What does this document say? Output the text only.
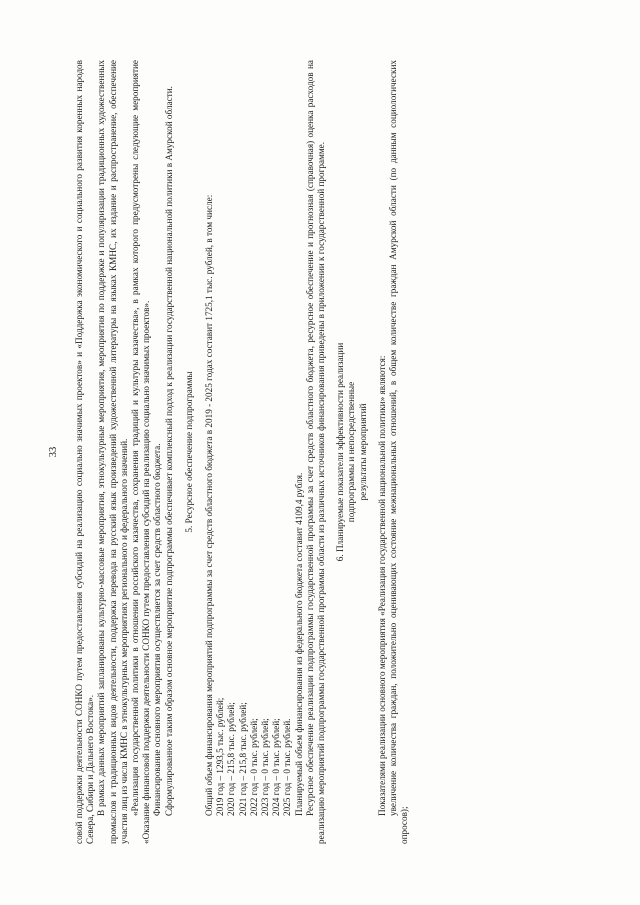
33 совой поддержки деятельности СОНКО путем предоставления субсидий на реализацию социально значимых проектов» и «Поддержка экономического и социального развития коренных народов Севера, Сибири и Дальнего Востока». В рамках данных мероприятий запланированы культурно-массовые мероприятия, этнокультурные мероприятия, мероприятия по поддержке и популяризации традиционных художественных промыслов и традиционных видов деятельности, поддержка перевода на русский язык произведений художественной литературы на языках КМНС, их издание и распространение, обеспечение участия лиц из числа КМНС в этнокультурных мероприятиях регионального и федерального значений. «Реализация государственной политики в отношении российского казачества, сохранения традиций и культуры казачества», в рамках которого предусмотрены следующие мероприятие «Оказание финансовой поддержки деятельности СОНКО путем предоставления субсидий на реализацию социально значимых проектов». Финансирование основного мероприятия осуществляется за счет средств областного бюджета. Сформулированное таким образом основное мероприятие подпрограммы обеспечивает комплексный подход к реализации государственной национальной политики в Амурской области. 5. Ресурсное обеспечение подпрограммы Общий объем финансирования мероприятий подпрограммы за счет средств областного бюджета в 2019 - 2025 годах составит 1725,1 тыс. рублей, в том числе: 2019 год – 1293,5 тыс. рублей; 2020 год – 215,8 тыс. рублей; 2021 год – 215,8 тыс. рублей; 2022 год – 0 тыс. рублей; 2023 год – 0 тыс. рублей; 2024 год – 0 тыс. рублей; 2025 год – 0 тыс. рублей. Планируемый объем финансирования из федерального бюджета составит 4109,4 рубля. Ресурсное обеспечение реализации подпрограммы государственной программы за счет средств областного бюджета, ресурсное обеспечение и прогнозная (справочная) оценка расходов на реализацию мероприятий подпрограммы государственной программы области из различных источников финансирования приведены в приложении к государственной программе. 6. Планируемые показатели эффективности реализации подпрограммы и непосредственные результаты мероприятий Показателями реализации основного мероприятия «Реализация государственной национальной политики» являются: увеличение количества граждан, положительно оценивающих состояние межнациональных отношений, в общем количестве граждан Амурской области (по данным социологических опросов);
